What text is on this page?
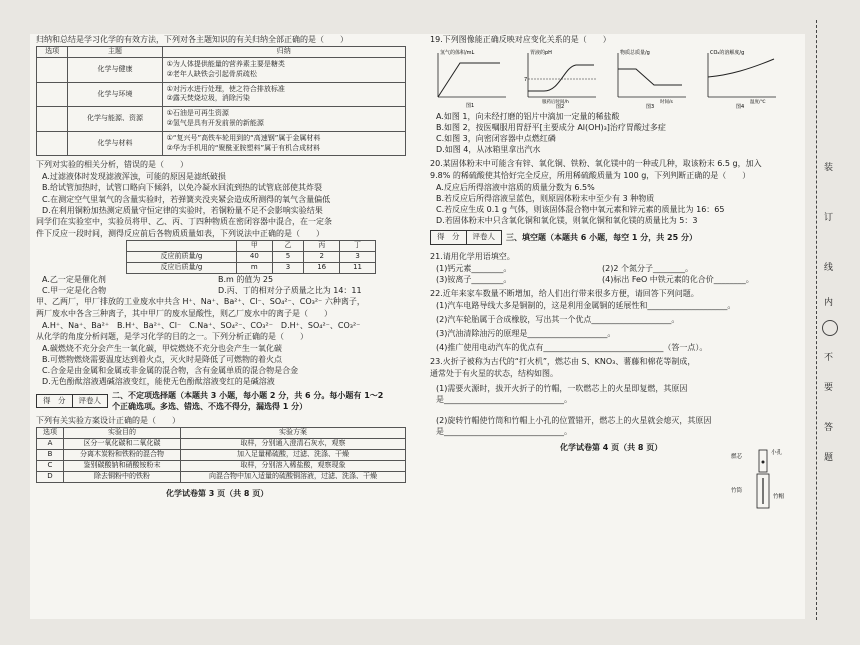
归纳和总结是学习化学的有效方法，下列对各主题知识的有关归纳全部正确的是（　　）
选项	主题	归纳
	化学与健康	①为人体提供能量的营养素主要是糖类
②老年人缺铁会引起骨质疏松

	化学与环境	①对污水进行处理，使之符合排放标准
②露天焚烧垃圾，消除污染

	化学与能源、资源	①石油是可再生资源
②氢气是具有开发前景的新能源

	化学与材料	①“复兴号”高铁车轮用到的“高速钢”属于金属材料
②华为手机用的“聚酰亚胺塑料”属于有机合成材料
下列对实验的相关分析，错误的是（　　）
A.过滤液体时发现滤液浑浊，可能的原因是滤纸破损
B.给试管加热时，试管口略向下倾斜，以免冷凝水回流到热的试管底部使其炸裂
C.在测定空气里氧气的含量实验时，若弹簧夹没夹紧会造成所测得的氧气含量偏低
D.在利用铜粉加热测定质量守恒定律的实验时，若铜粉量不足不会影响实验结果
同学们在实验室中，实验员将甲、乙、丙、丁四种物质在密闭容器中混合，在一定条
件下反应一段时间，测得反应前后各物质质量如表，下列说法中正确的是（　　）
	甲	乙	丙	丁
反应前质量/g	40	5	2	3
反应后质量/g	m	3	16	11
A.乙一定是催化剂	B.m 的值为 25
C.甲一定是化合物	D.丙、丁的相对分子质量之比为 14：11
甲、乙两厂，甲厂排放的工业废水中共含 H⁺、Na⁺、Ba²⁺、Cl⁻、SO₄²⁻、CO₃²⁻ 六种离子，
两厂废水中各含三种离子，其中甲厂的废水显酸性，则乙厂废水中的离子是（　　）
A.H⁺、Na⁺、Ba²⁺　B.H⁺、Ba²⁺、Cl⁻　C.Na⁺、SO₄²⁻、CO₃²⁻　D.H⁺、SO₄²⁻、CO₃²⁻
从化学的角度分析问题，是学习化学的目的之一。下列分析正确的是（　　）
A.碳燃烧不充分会产生一氧化碳，甲烷燃烧不充分也会产生一氧化碳
B.可燃物燃烧需要温度达到着火点，灭火时是降低了可燃物的着火点
C.合金是由金属和金属或非金属的混合物，含有金属单质的混合物是合金
D.无色酚酞溶液遇碱溶液变红，能使无色酚酞溶液变红的是碱溶液
得　分 评卷人
二、不定项选择题（本题共 3 小题，每小题 2 分，共 6 分。每小题有 1～2
个正确选项。多选、错选、不选不得分，漏选得 1 分）
下列有关实验方案设计正确的是（　　）
选项	实验目的	实验方案
A	区分一氧化碳和二氧化碳	取样，分别通入澄清石灰水，观察
B	分离木炭粉和铁粉的混合物	加入足量稀硫酸，过滤、洗涤、干燥
C	鉴别碳酸钠和硝酸铵粉末	取样，分别溶入稀盐酸，观察现象
D	除去铜粉中的铁粉	向混合物中加入适量的硫酸铜溶液，过滤、洗涤、干燥
化学试卷第 3 页（共 8 页）
19.下列图像能正确反映对应变化关系的是（　　）
氢气的体积/mL
图1
胃液的pH
7
服药后时间/h
图2
物质总质量/g
时间/s
图3
CO₂的溶解度/g
温度/℃
图4
A.如图 1，向未经打磨的铝片中滴加一定量的稀盐酸
B.如图 2，按医嘱服用胃舒平[主要成分 Al(OH)₃]治疗胃酸过多症
C.如图 3，向密闭容器中点燃红磷
D.如图 4，从冰箱里拿出汽水
20.某固体粉末中可能含有锌、氧化铜、铁粉、氧化镁中的一种或几种，取该粉末 6.5 g，加入
9.8% 的稀硫酸使其恰好完全反应，所用稀硫酸质量为 100 g，下列判断正确的是（　　）
A.反应后所得溶液中溶质的质量分数为 6.5%
B.若反应后所得溶液呈蓝色，则原固体粉末中至少有 3 种物质
C.若反应生成 0.1 g 气体，则该固体混合物中氧元素和锌元素的质量比为 16：65
D.若固体粉末中只含氧化铜和氧化镁，则氧化铜和氧化镁的质量比为 5：3
得　分 评卷人	三、填空题（本题共 6 小题，每空 1 分，共 25 分）
21.请用化学用语填空。
(1)钙元素________。	(2)2 个氮分子________。
(3)铵离子________。	(4)标出 FeO 中铁元素的化合价________。
22.近年来家车数量不断增加，给人们出行带来很多方便，请回答下列问题。
(1)汽车电路导线大多是铜制的，这是利用金属铜的延展性和____________________。
(2)汽车轮胎属于合成橡胶，写出其一个优点____________________。
(3)汽油清除油污的原理是____________________。
(4)推广使用电动汽车的优点有______________________________（答一点）。
23.火折子被称为古代的“打火机”，燃芯由 S、KNO₃、薯藤和棉花等制成，
通常处于有火星的状态，结构如图。
(1)需要火源时，拔开火折子的竹帽，一吹燃芯上的火星即复燃，其原因
是______________________________。
(2)旋转竹帽使竹筒和竹帽上小孔的位置错开，燃芯上的火星就会熄灭，其原因
是______________________________。
燃芯
小孔
竹筒
竹帽
化学试卷第 4 页（共 8 页）
装
订
线
内
不
要
答
题
